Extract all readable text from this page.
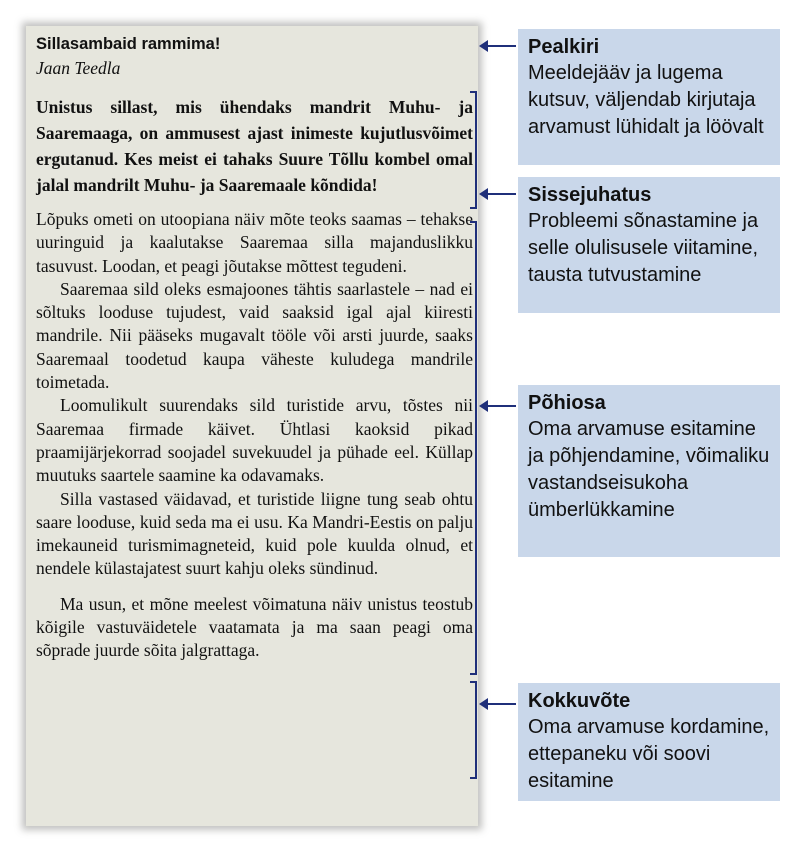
Sillasambaid rammima!
Jaan Teedla
Unistus sillast, mis ühendaks mandrit Muhu- ja Saaremaaga, on ammusest ajast inimeste kujutlusvõimet ergutanud. Kes meist ei tahaks Suure Tõllu kombel omal jalal mandrilt Muhu- ja Saaremaale kõndida!

Lõpuks ometi on utoopiana näiv mõte teoks saamas – tehakse uuringuid ja kaalutakse Saaremaa silla majanduslikku tasuvust. Loodan, et peagi jõutakse mõttest tegudeni.

Saaremaa sild oleks esmajoones tähtis saarlastele – nad ei sõltuks looduse tujudest, vaid saaksid igal ajal kiiresti mandrile. Nii pääseks mugavalt tööle või arsti juurde, saaks Saaremaal toodetud kaupa väheste kuludega mandrile toimetada.

Loomulikult suurendaks sild turistide arvu, tõstes nii Saaremaa firmade käivet. Ühtlasi kaoksid pikad praamijärjekorrad soojadel suvekuudel ja pühade eel. Küllap muutuks saartele saamine ka odavamaks.

Silla vastased väidavad, et turistide liigne tung seab ohtu saare looduse, kuid seda ma ei usu. Ka Mandri-Eestis on palju imekauneid turismimagneteid, kuid pole kuulda olnud, et nendele külastajatest suurt kahju oleks sündinud.

Ma usun, et mõne meelest võimatuna näiv unistus teostub kõigile vastuväidetele vaatamata ja ma saan peagi oma sõprade juurde sõita jalgrattaga.

Pealkiri
Meeldejääv ja lugema kutsuv, väljendab kirjutaja arvamust lühidalt ja löövalt
Sissejuhatus
Probleemi sõnastamine ja selle olulisusele viitamine, tausta tutvustamine
Põhiosa
Oma arvamuse esitamine ja põhjendamine, võimaliku vastandseisukoha ümberlükkamine
Kokkuvõte
Oma arvamuse kordamine, ettepaneku või soovi esitamine
